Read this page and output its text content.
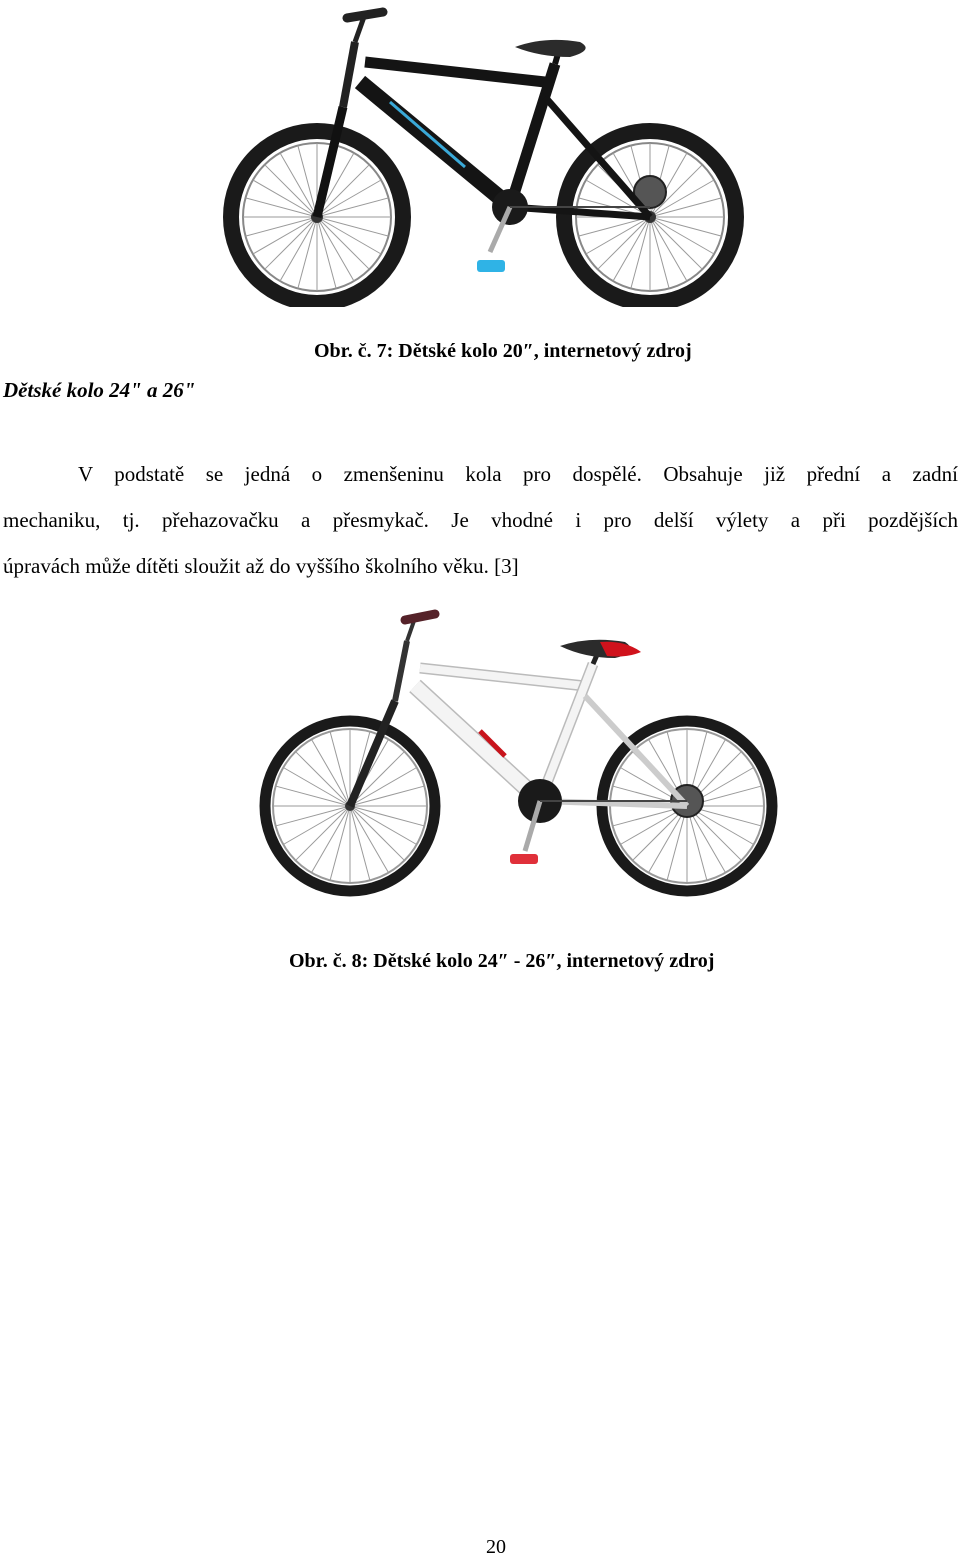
Obr. č. 7: Dětské kolo 20″, internetový zdroj
Dětské kolo 24" a 26"
V podstatě se jedná o zmenšeninu kola pro dospělé. Obsahuje již přední a zadní
mechaniku, tj. přehazovačku a přesmykač. Je vhodné i pro delší výlety a při pozdějších
úpravách může dítěti sloužit až do vyššího školního věku. [3]
Obr. č. 8: Dětské kolo 24″ - 26″, internetový zdroj
20
